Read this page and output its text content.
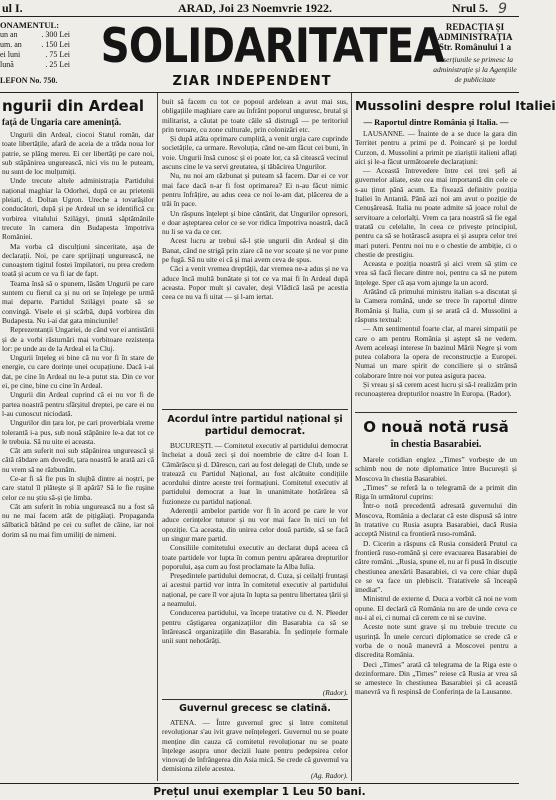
ul I.	ARAD, Joi 23 Noemvrie 1922.	Nrul 5. 9
ONAMENTUL:
un an	. 300 Lei
um. an . 150 Lei
ei luni	. 75 Lei
lună	. 25 Lei
LEFON No. 750.
SOLIDARITATEA
ZIAR INDEPENDENT
REDACȚIA ȘI
ADMINISTRAȚIA
Str. Românului 1 a
Inserțiunile se primesc la administrație și la Agențiile de publicitate
ngurii din Ardeal
față de Ungaria care amenință.

Ungurii din Ardeal, ciocoi Statul român, dar toate libertățile, afară de aceia de a trăda noua lor patrie, se plâng mereu. Ei cer libertăți pe care noi, sub stăpânirea ungurească, nici vis nu le puteam, nu sunt de loc mulțumiți.

Unde trecute altele administrația Partidului național maghiar la Odorhei, după ce au prietenii pleiati, d. Doltan Ugron. Ureche a tovarășilor conducători, după și pe Ardeal un se identifică cu vorbirea vitalului Szilágyi, ținută săptămânile trecute în camera din Budapesta împotriva României.

Ma vorba că disculțiuni sinceritate, așa de declarații. Noi, pe care sprijinați ungurească, ne cunoaștem tigitul fostei împilatori, nu prea credem toată și acum ce va fi iar de fapt.

Teama însă să o spunem, lăsăm Ungurii pe care suntem cu fierul ca și nu ori se înțelege pe urmă mai departe. Partidul Szilágyi poate să se convingă. Visele ei și scârbă, după vorbirea din Budapesta. Nu i-ai dat gata minciunile!

Reprezentanții Ungariei, de când vor ei antistării și de a vorbi răsturnări mai vorbitoare rezistența lor: pe unde au de la Ardeal ei la Cluj.

Ungurii înțeleg ei bine că nu vor fi în stare de energie, cu care dorințe unei ocupațiune. Dacă i-ai dat, pe cine în Ardeal nu le-a putut sta. Din ce vor ei, pe cine, bine cu cine în Ardeal.

Ungurii din Ardeal cuprind că ei nu vor fi de partea noastră pentru sfârșitul dreptei, pe care ei nu l-au cunoscut niciodată.

Ungurilor din țara lor, pe cari proverbiala vreme tolerantă i-a pus, sub nouă stăpânire le-a dat tot ce le trebuia. Să nu uite ei aceasta.

Cât am suferit noi sub stăpânirea ungurească și câtă răbdare am dovedit, țara noastră le arată azi că nu vrem să ne răzbunăm.

Ce-ar fi să fie pus în slujbă dintre ai noștri, pe care statul îl plătește și îl apără? Să le fie rușine celor ce nu știu să-și ție limba.

Cât am suferit în robia ungurească nu a fost să nu ne mai facem atât de pițigăiați. Propaganda sălbatică bătând pe cei cu suflet de câine, iar noi dorim să nu mai fim umiliți de nimeni.

buit să facem cu tot ce popoul ardelean a avut mai sus, obligațiile maghiare care au înfrânt poporul unguresc, brutal și militarist, a căutat pe toate căile să distrugă — pe teritoriul prin teroare, cu zone culturale, prin colonizări etc.

Și după atâta oprimare cumplită, a venit urgia care cuprinde societățile, ca urmare. Revoluția, când ne-am făcut cei buni, în voie. Ungurii însă cunosc și ei poate lor, ca să citească vecinul ascuns cine le va servi greutatea, și tăbăcirea Ungurilor.

Nu, nu noi am răzbunat și puteam să facem. Dar ei ce vor mai face dacă n-ar fi fost oprimarea? Ei n-au făcut nimic pentru înfrățire, au adus ceea ce noi le-am dat, plăcerea de a trăi în pace.

Un răspuns înțelept și bine cântărit, dat Ungurilor opresori, e doar așteptarea celor ce se vor ridica împotriva noastră, dacă nu li se va da ce cer.

Acest lucru ar trebui să-l știe ungurii din Ardeal și din Banat, când ne strigă prin ziare că ne vor scoate și ne vor pune pe fugă. Să nu uite ei că și mai avem ceva de spus.

Căci a venit vremea dreptății, dar vremea ne-a adus și ne va aduce încă multă bunătate și tot ce va mai fi în Ardeal după aceasta. Popor mult și cavaler, deși Vlădică lasă pe acestia ceea ce nu va fi uitat — și l-am iertat.

Acordul între partidul național și partidul democrat.

BUCUREȘTI. — Comitetul executiv al partidului democrat încheiat a două zeci și doi noembrie de către d-l Ioan I. Cămărăscu și d. Dărescu, cari au fost delegați de Club, unde se tratează cu Partidul Național, au fost alcătuite condițiile acordului dintre aceste trei formațiuni. Comitetul executiv al partidului democrat a luat în unanimitate hotărârea să fuzioneze cu partidul național.

Aderenții ambelor partide vor fi în acord pe care le vor aduce cerințelor tuturor și nu vor mai face în nici un fel opoziție. Ca aceasta, din unirea celor două partide, să se facă un singur mare partid.

Consiliile comitetului executiv au declarat după aceea că toate partidele vor lupta în comun pentru apărarea drepturilor poporului, așa cum au fost proclamate la Alba Iulia.

Președintele partidului democrat, d. Cuza, și ceilalți fruntași ai acestui partid vor intra în comitetul executiv al partidului național, pe care îl vor ajuta în lupta sa pentru libertatea țării și a neamului.

Conducerea partidului, va începe tratative cu d. N. Pleeder pentru câștigarea organizațiilor din Basarabia ca să se întărească organizațiile din Basarabia. În ședințele formale unii sunt nehotărâți.

(Rador).
Guvernul grecesc se clatină.

ATENA. — Între guvernul grec și între comitetul revoluționar s'au ivit grave neînțelegeri. Guvernul nu se poate menține din cauza că comitetul revoluționar nu se poate înțelege asupra unor decizii luate pentru pedepsirea celor vinovați de înfrângerea din Asia mică. Se crede că guvernul va demisiona zilele acestea.

(Ag. Rador).
Mussolini despre rolul Italiei
— Raportul dintre România și Italia. —

LAUSANNE. — Înainte de a se duce la gara din Territet pentru a primi pe d. Poincaré și pe lordul Curzon, d. Mussolini a primit pe ziariștii italieni aflați aici și le-a făcut următoarele declarațiuni:

— Această întrevedere între cei trei șefi ai guvernelor aliate, este cea mai importantă din cele ce s-au ținut până acum. Ea fixează definitiv poziția Italiei în Antantă. Până azi noi am avut o poziție de Cenușăreasă. Italia nu poate admite să joace rolul de servitoare a celorlalți. Vrem ca țara noastră să fie egal tratată cu celelalte, în ceea ce privește principiul, pentru ca să se hotărască asupra ei și asupra celor trei mari puteri. Pentru noi nu e o chestie de ambiție, ci o chestie de prestigiu.

Aceasta e poziția noastră și aici vrem să știm ce vrea să facă fiecare dintre noi, pentru ca să ne putem înțelege. Sper că așa vom ajunge la un acord.

Arătând că primului ministru italian s-a discutat și la Camera română, unde se trece în raportul dintre România și Italia, cum și se arată că d. Mussolini a răspuns textual:

— Am sentimentul foarte clar, al marei simpatii pe care o am pentru România și aștept să ne vedem. Avem aceleași interese în bazinul Mării Negre și vom putea colabora la opera de reconstrucție a Europei. Numai un mare spirit de conciliere și o strânsă colaborare între noi vor putea asigura pacea.

Și vreau și să cerem acest lucru și să-l realizăm prin recunoașterea drepturilor noastre în Europa. (Rador).

O nouă notă rusă
în chestia Basarabiei.

Marele cotidian englez „Times” vorbește de un schimb nou de note diplomatice între București și Moscova în chestia Basarabiei.

„Times” se referă la o telegramă de a primit din Riga în următorul cuprins:

Într-o notă precedentă adresată guvernului din Moscova, România a declarat că este dispusă să intre în tratative cu Rusia asupra Basarabiei, dacă Rusia acceptă Nistrul ca frontieră ruso-română.

D. Cicerin a răspuns că Rusia consideră Prutul ca frontieră ruso-română și cere evacuarea Basarabiei de către români. „Rusia, spune el, nu ar fi pusă în discuție chestiunea anexării Basarabiei, ci va cere chiar după ce se va face un plebiscit. Tratativele să înceapă imediat”.

Ministrul de externe d. Duca a vorbit că noi ne vom opune. El declară că România nu are de unde ceva ce nu-i al ei, ci numai că cerem ce ni se cuvine.

Aceste note sunt grave și nu trebuie trecute cu ușurință. În unele cercuri diplomatice se crede că e vorba de o nouă manevră a Moscovei pentru a discredita România.

Deci „Times” arată că telegrama de la Riga este o dezinformare. Din „Times” reiese că Rusia ar vrea să se amestece în chestiunea Basarabiei și că această manevră va fi respinsă de Conferința de la Lausanne.

Prețul unui exemplar 1 Leu 50 bani.
